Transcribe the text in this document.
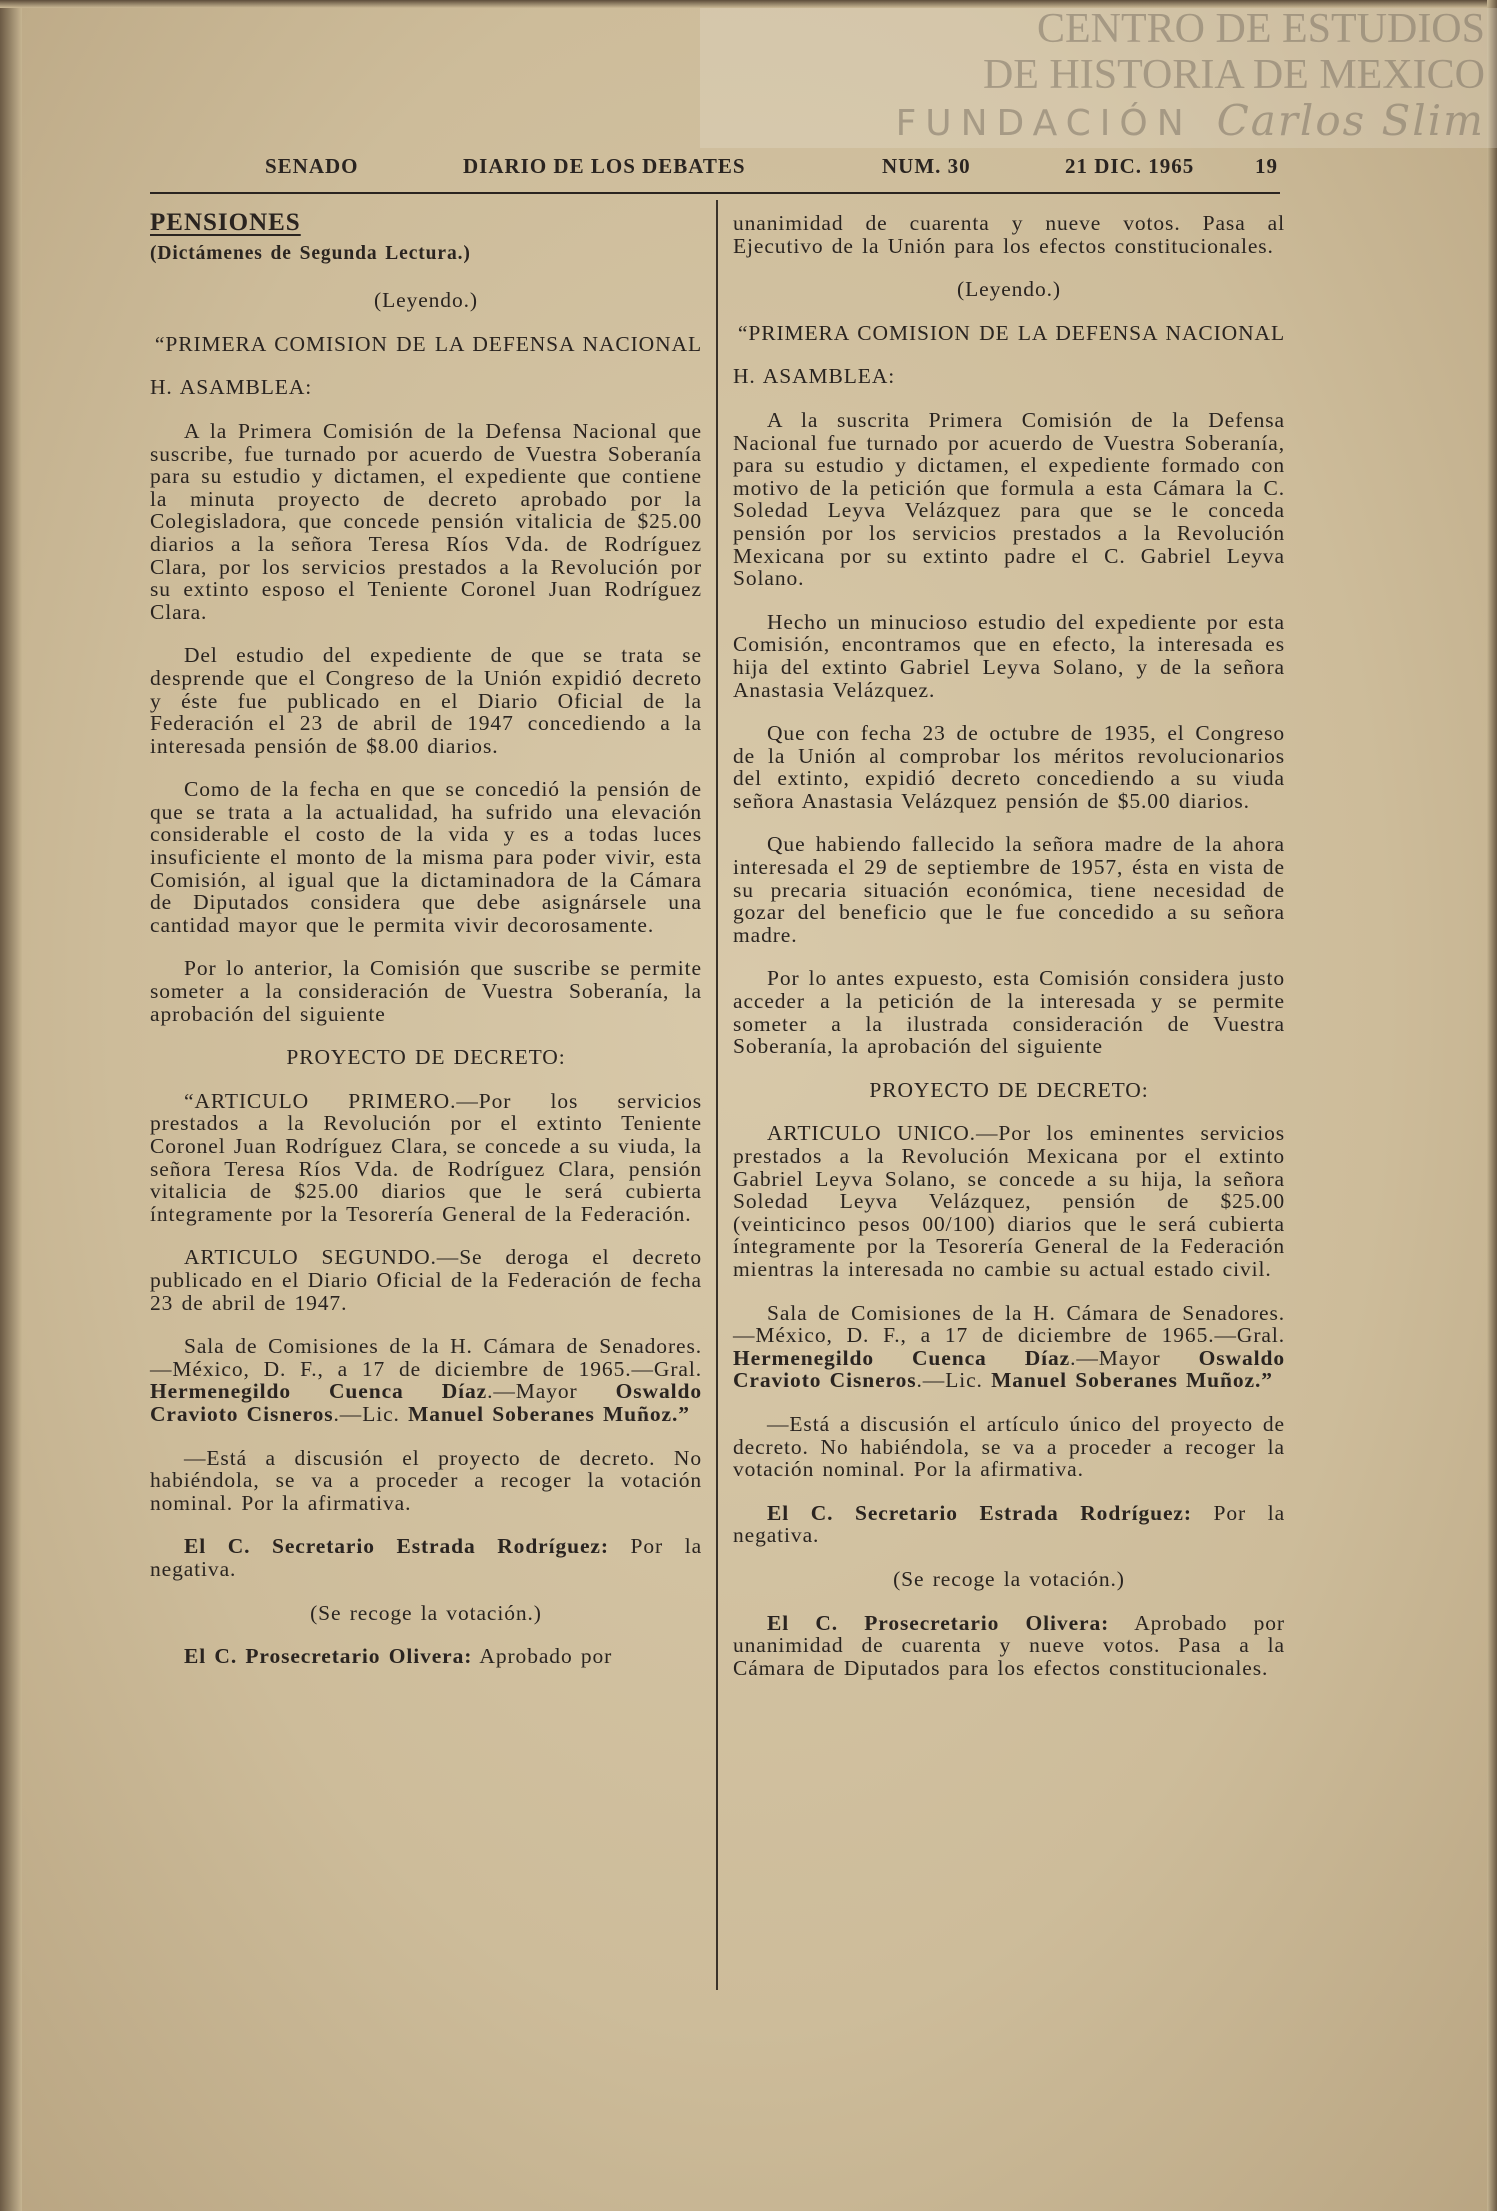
SENADO	DIARIO DE LOS DEBATES	NUM. 30	21 DIC. 1965	19
PENSIONES
(Dictámenes de Segunda Lectura.)
(Leyendo.)
“PRIMERA COMISION DE LA DEFENSA NACIONAL
H. ASAMBLEA:

A la Primera Comisión de la Defensa Nacional que suscribe, fue turnado por acuerdo de Vuestra Soberanía para su estudio y dictamen, el expediente que contiene la minuta proyecto de decreto aprobado por la Colegisladora, que concede pensión vitalicia de $25.00 diarios a la señora Teresa Ríos Vda. de Rodríguez Clara, por los servicios prestados a la Revolución por su extinto esposo el Teniente Coronel Juan Rodríguez Clara.

Del estudio del expediente de que se trata se desprende que el Congreso de la Unión expidió decreto y éste fue publicado en el Diario Oficial de la Federación el 23 de abril de 1947 concediendo a la interesada pensión de $8.00 diarios.

Como de la fecha en que se concedió la pensión de que se trata a la actualidad, ha sufrido una elevación considerable el costo de la vida y es a todas luces insuficiente el monto de la misma para poder vivir, esta Comisión, al igual que la dictaminadora de la Cámara de Diputados considera que debe asignársele una cantidad mayor que le permita vivir decorosamente.

Por lo anterior, la Comisión que suscribe se permite someter a la consideración de Vuestra Soberanía, la aprobación del siguiente

PROYECTO DE DECRETO:

“ARTICULO PRIMERO.—Por los servicios prestados a la Revolución por el extinto Teniente Coronel Juan Rodríguez Clara, se concede a su viuda, la señora Teresa Ríos Vda. de Rodríguez Clara, pensión vitalicia de $25.00 diarios que le será cubierta íntegramente por la Tesorería General de la Federación.

ARTICULO SEGUNDO.—Se deroga el decreto publicado en el Diario Oficial de la Federación de fecha 23 de abril de 1947.

Sala de Comisiones de la H. Cámara de Senadores.—México, D. F., a 17 de diciembre de 1965.—Gral. Hermenegildo Cuenca Díaz.—Mayor Oswaldo Cravioto Cisneros.—Lic. Manuel Soberanes Muñoz.”

—Está a discusión el proyecto de decreto. No habiéndola, se va a proceder a recoger la votación nominal. Por la afirmativa.

El C. Secretario Estrada Rodríguez: Por la negativa.

(Se recoge la votación.)

El C. Prosecretario Olivera: Aprobado por

unanimidad de cuarenta y nueve votos. Pasa al Ejecutivo de la Unión para los efectos constitucionales.

(Leyendo.)
“PRIMERA COMISION DE LA DEFENSA NACIONAL
H. ASAMBLEA:

A la suscrita Primera Comisión de la Defensa Nacional fue turnado por acuerdo de Vuestra Soberanía, para su estudio y dictamen, el expediente formado con motivo de la petición que formula a esta Cámara la C. Soledad Leyva Velázquez para que se le conceda pensión por los servicios prestados a la Revolución Mexicana por su extinto padre el C. Gabriel Leyva Solano.

Hecho un minucioso estudio del expediente por esta Comisión, encontramos que en efecto, la interesada es hija del extinto Gabriel Leyva Solano, y de la señora Anastasia Velázquez.

Que con fecha 23 de octubre de 1935, el Congreso de la Unión al comprobar los méritos revolucionarios del extinto, expidió decreto concediendo a su viuda señora Anastasia Velázquez pensión de $5.00 diarios.

Que habiendo fallecido la señora madre de la ahora interesada el 29 de septiembre de 1957, ésta en vista de su precaria situación económica, tiene necesidad de gozar del beneficio que le fue concedido a su señora madre.

Por lo antes expuesto, esta Comisión considera justo acceder a la petición de la interesada y se permite someter a la ilustrada consideración de Vuestra Soberanía, la aprobación del siguiente

PROYECTO DE DECRETO:

ARTICULO UNICO.—Por los eminentes servicios prestados a la Revolución Mexicana por el extinto Gabriel Leyva Solano, se concede a su hija, la señora Soledad Leyva Velázquez, pensión de $25.00 (veinticinco pesos 00/100) diarios que le será cubierta íntegramente por la Tesorería General de la Federación mientras la interesada no cambie su actual estado civil.

Sala de Comisiones de la H. Cámara de Senadores.—México, D. F., a 17 de diciembre de 1965.—Gral. Hermenegildo Cuenca Díaz.—Mayor Oswaldo Cravioto Cisneros.—Lic. Manuel Soberanes Muñoz.”

—Está a discusión el artículo único del proyecto de decreto. No habiéndola, se va a proceder a recoger la votación nominal. Por la afirmativa.

El C. Secretario Estrada Rodríguez: Por la negativa.

(Se recoge la votación.)

El C. Prosecretario Olivera: Aprobado por unanimidad de cuarenta y nueve votos. Pasa a la Cámara de Diputados para los efectos constitucionales.

CENTRO DE ESTUDIOS
DE HISTORIA DE MEXICO
FUNDACIÓN Carlos Slim
